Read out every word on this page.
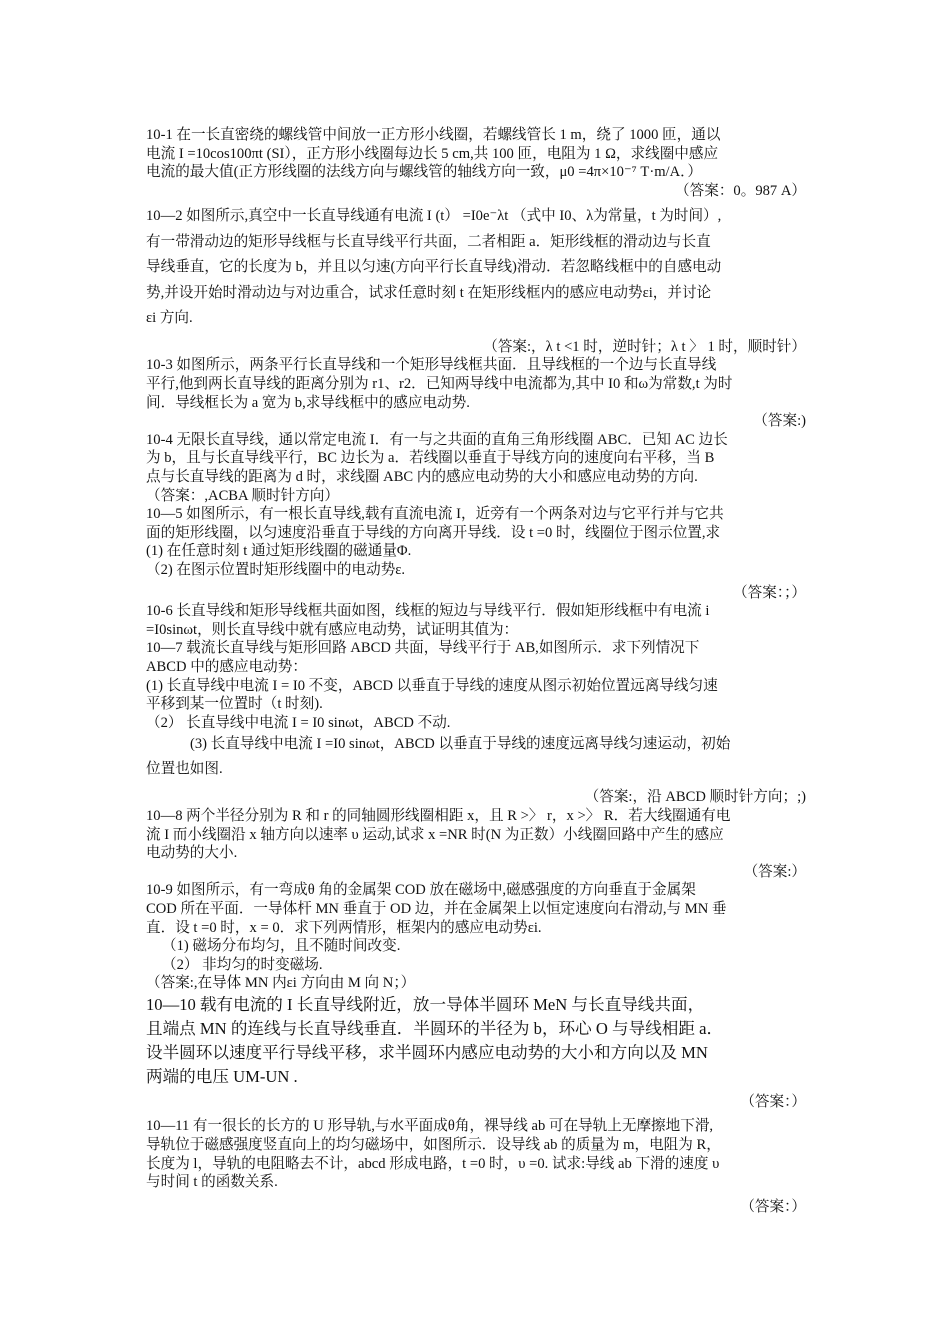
10-1 在一长直密绕的螺线管中间放一正方形小线圈，若螺线管长 1 m，绕了 1000 匝，通以

电流 I =10cos100πt (SI），正方形小线圈每边长 5 cm,共 100 匝，电阻为 1 Ω，求线圈中感应

电流的最大值(正方形线圈的法线方向与螺线管的轴线方向一致，μ0 =4π×10⁻⁷ T·m/A．）

（答案：0。987 A）

10—2 如图所示,真空中一长直导线通有电流 I (t） =I0e⁻λt （式中 I0、λ为常量，t 为时间）,

有一带滑动边的矩形导线框与长直导线平行共面，二者相距 a．矩形线框的滑动边与长直

导线垂直，它的长度为 b，并且以匀速(方向平行长直导线)滑动．若忽略线框中的自感电动

势,并设开始时滑动边与对边重合，试求任意时刻 t 在矩形线框内的感应电动势εi，并讨论

εi 方向.

（答案:，λ t <1 时，逆时针；λ t 〉 1 时，顺时针）

10-3 如图所示，两条平行长直导线和一个矩形导线框共面．且导线框的一个边与长直导线

平行,他到两长直导线的距离分别为 r1、r2．已知两导线中电流都为,其中 I0 和ω为常数,t 为时

间．导线框长为 a 宽为 b,求导线框中的感应电动势.

（答案:)

10-4 无限长直导线，通以常定电流 I．有一与之共面的直角三角形线圈 ABC．已知 AC 边长

为 b，且与长直导线平行，BC 边长为 a．若线圈以垂直于导线方向的速度向右平移，当 B

点与长直导线的距离为 d 时，求线圈 ABC 内的感应电动势的大小和感应电动势的方向.

（答案：,ACBA 顺时针方向）

10—5 如图所示，有一根长直导线,载有直流电流 I，近旁有一个两条对边与它平行并与它共

面的矩形线圈，以匀速度沿垂直于导线的方向离开导线．设 t =0 时，线圈位于图示位置,求

(1) 在任意时刻 t 通过矩形线圈的磁通量Φ.

（2) 在图示位置时矩形线圈中的电动势ε.

（答案：；）

10-6 长直导线和矩形导线框共面如图，线框的短边与导线平行．假如矩形线框中有电流 i

=I0sinωt，则长直导线中就有感应电动势，试证明其值为：

10—7 载流长直导线与矩形回路 ABCD 共面，导线平行于 AB,如图所示．求下列情况下

ABCD 中的感应电动势：

(1) 长直导线中电流 I = I0 不变，ABCD 以垂直于导线的速度从图示初始位置远离导线匀速

平移到某一位置时（t 时刻).

（2） 长直导线中电流 I = I0 sinωt，ABCD 不动.

(3) 长直导线中电流 I =I0 sinωt，ABCD 以垂直于导线的速度远离导线匀速运动，初始

位置也如图.

（答案:，沿 ABCD 顺时针方向；;)

10—8 两个半径分别为 R 和 r 的同轴圆形线圈相距 x，且 R >〉 r，x >〉 R．若大线圈通有电

流 I 而小线圈沿 x 轴方向以速率 υ 运动,试求 x =NR 时(N 为正数）小线圈回路中产生的感应

电动势的大小.

（答案:）

10-9 如图所示，有一弯成θ 角的金属架 COD 放在磁场中,磁感强度的方向垂直于金属架

COD 所在平面．一导体杆 MN 垂直于 OD 边，并在金属架上以恒定速度向右滑动,与 MN 垂

直．设 t =0 时，x = 0．求下列两情形，框架内的感应电动势εi.

（1) 磁场分布均匀，且不随时间改变.

（2） 非均匀的时变磁场.

（答案:,在导体 MN 内εi 方向由 M 向 N；）

10—10 载有电流的 I 长直导线附近，放一导体半圆环 MeN 与长直导线共面，

且端点 MN 的连线与长直导线垂直．半圆环的半径为 b，环心 O 与导线相距 a．

设半圆环以速度平行导线平移，求半圆环内感应电动势的大小和方向以及 MN

两端的电压 UM-UN .

（答案：）

10—11 有一很长的长方的 U 形导轨,与水平面成θ角，裸导线 ab 可在导轨上无摩擦地下滑,

导轨位于磁感强度竖直向上的均匀磁场中，如图所示．设导线 ab 的质量为 m，电阻为 R，

长度为 l，导轨的电阻略去不计，abcd 形成电路，t =0 时，υ =0. 试求:导线 ab 下滑的速度 υ

与时间 t 的函数关系.

（答案：）
